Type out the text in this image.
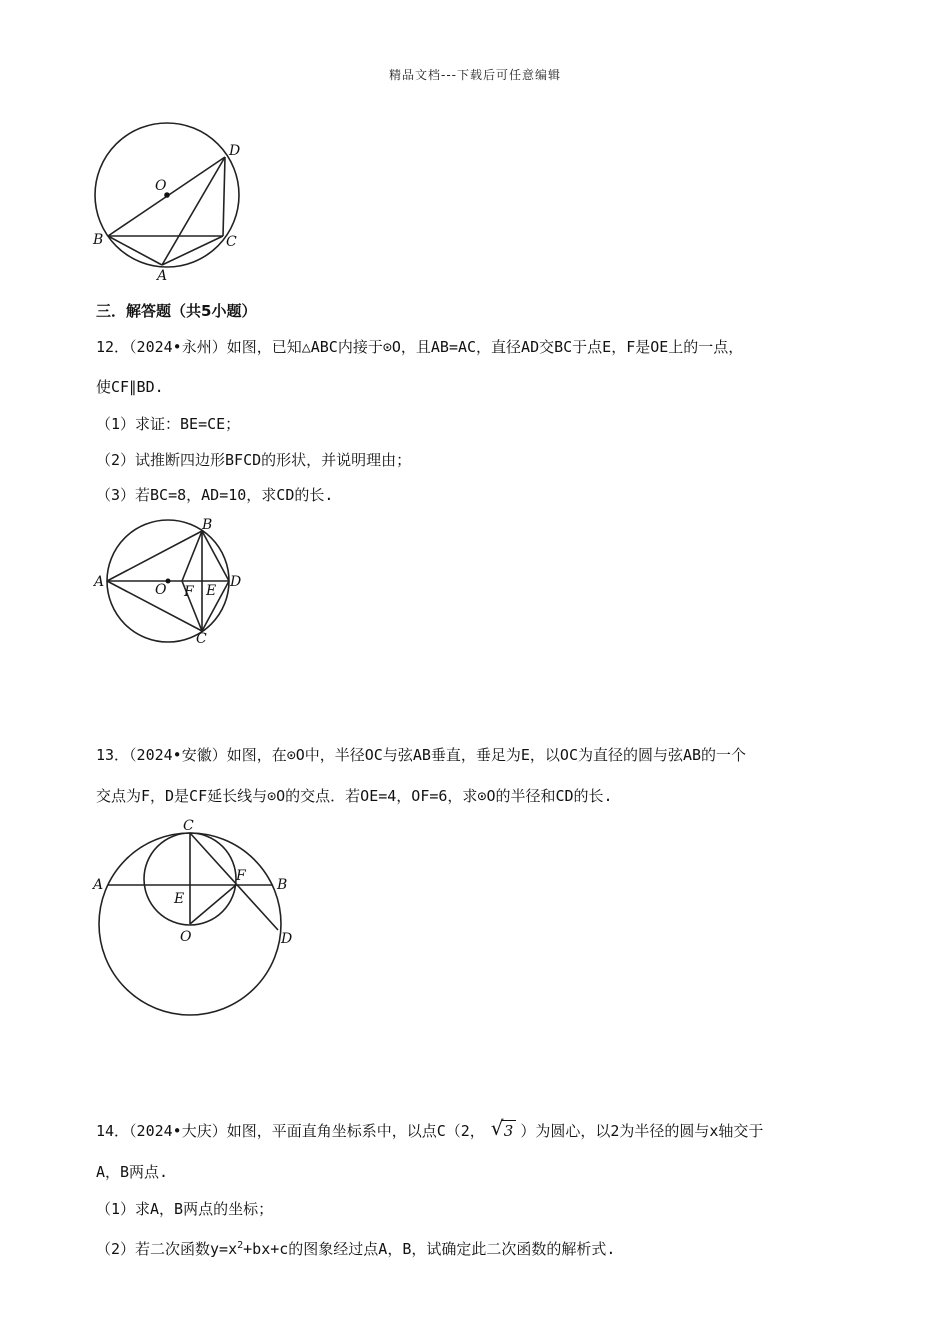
精品文档---下载后可任意编辑
D
O
B	C
A
三．解答题（共5小题）
12．（2024•永州）如图，已知△ABC内接于⊙O，且AB=AC，直径AD交BC于点E，F是OE上的一点，
使CF∥BD.
（1）求证：BE=CE；
（2）试推断四边形BFCD的形状，并说明理由；
（3）若BC=8，AD=10，求CD的长.
A
B
C
D
O F E
13．（2024•安徽）如图，在⊙O中，半径OC与弦AB垂直，垂足为E，以OC为直径的圆与弦AB的一个
交点为F，D是CF延长线与⊙O的交点．若OE=4，OF=6，求⊙O的半径和CD的长.
C
A	B
F
E
O	D
14．（2024•大庆）如图，平面直角坐标系中，以点C（2， √ 3 ）为圆心，以2为半径的圆与x轴交于
A，B两点.
（1）求A，B两点的坐标；
（2）若二次函数$y=x^2+bx+c$的图象经过点A，B，试确定此二次函数的解析式.
